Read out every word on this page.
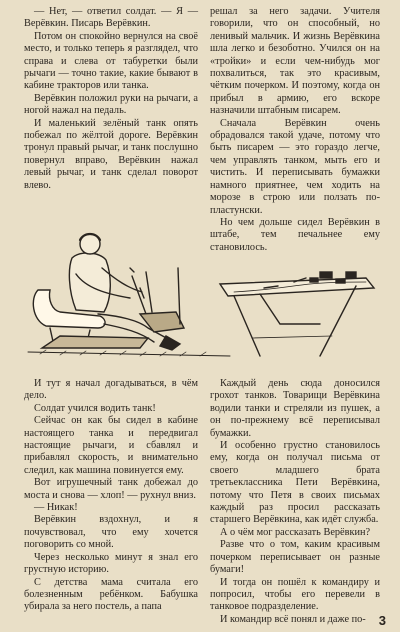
— Нет, — ответил солдат. — Я — Верёвкин. Писарь Верёвкин.

Потом он спокойно вернулся на своё место, и только теперь я разглядел, что справа и слева от табуретки были рычаги — точно такие, какие бывают в кабине тракторов или танка.

Верёвкин положил руки на рычаги, а ногой нажал на педаль.

И маленький зелёный танк опять побежал по жёлтой дороге. Верёвкин тронул правый рычаг, и танк послушно повернул вправо, Верёвкин нажал левый рычаг, и танк сделал поворот влево.

решал за него задачи. Учителя говорили, что он способный, но ленивый мальчик. И жизнь Верёвкина шла легко и безоботно. Учился он на «тройки» и если чем-нибудь мог похвалиться, так это красивым, чётким почерком. И поэтому, когда он прибыл в армию, его вскоре назначили штабным писарем.

Сначала Верёвкин очень обрадовался такой удаче, потому что быть писарем — это гораздо легче, чем управлять танком, мыть его и чистить. И переписывать бумажки намного приятнее, чем ходить на морозе в строю или ползать по-пластунски.

Но чем дольше сидел Верёвкин в штабе, тем печальнее ему становилось.

И тут я начал догадываться, в чём дело.

Солдат учился водить танк!

Сейчас он как бы сидел в кабине настоящего танка и передвигал настоящие рычаги, и сбавлял и прибавлял скорость, и внимательно следил, как машина повинуется ему.

Вот игрушечный танк добежал до моста и снова — хлоп! — рухнул вниз.

— Никак!

Верёвкин вздохнул, и я почувствовал, что ему хочется поговорить со мной.

Через несколько минут я знал его грустную историю.

С детства мама считала его болезненным ребёнком. Бабушка убирала за него постель, а папа

Каждый день сюда доносился грохот танков. Товарищи Верёвкина водили танки и стреляли из пушек, а он по-прежнему всё переписывал бумажки.

И особенно грустно становилось ему, когда он получал письма от своего младшего брата третьеклассника Пети Верёвкина, потому что Петя в своих письмах каждый раз просил рассказать старшего Верёвкина, как идёт служба.

А о чём мог рассказать Верёвкин?

Разве что о том, каким красивым почерком переписывает он разные бумаги!

И тогда он пошёл к командиру и попросил, чтобы его перевели в танковое подразделение.

И командир всё понял и даже по-	3
